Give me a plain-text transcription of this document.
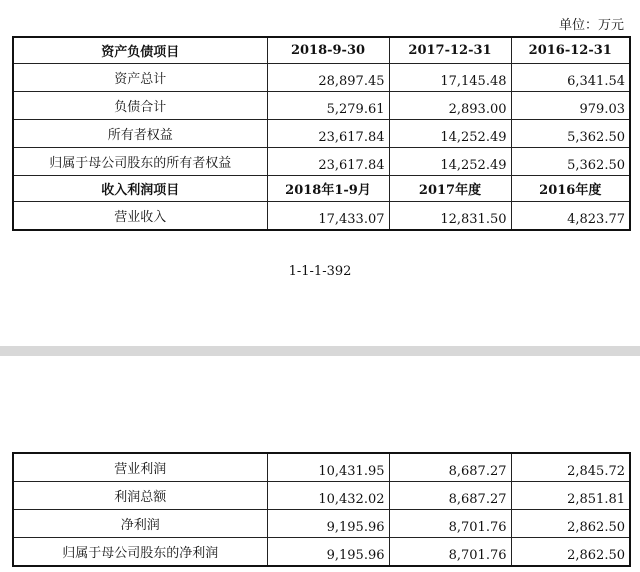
单位：万元
资产负债项目	2018-9-30	2017-12-31	2016-12-31
资产总计	28,897.45	17,145.48	6,341.54
负债合计	5,279.61	2,893.00	979.03
所有者权益	23,617.84	14,252.49	5,362.50
归属于母公司股东的所有者权益	23,617.84	14,252.49	5,362.50
收入利润项目	2018年1-9月	2017年度	2016年度
营业收入	17,433.07	12,831.50	4,823.77
1-1-1-392
营业利润	10,431.95	8,687.27	2,845.72
利润总额	10,432.02	8,687.27	2,851.81
净利润	9,195.96	8,701.76	2,862.50
归属于母公司股东的净利润	9,195.96	8,701.76	2,862.50
